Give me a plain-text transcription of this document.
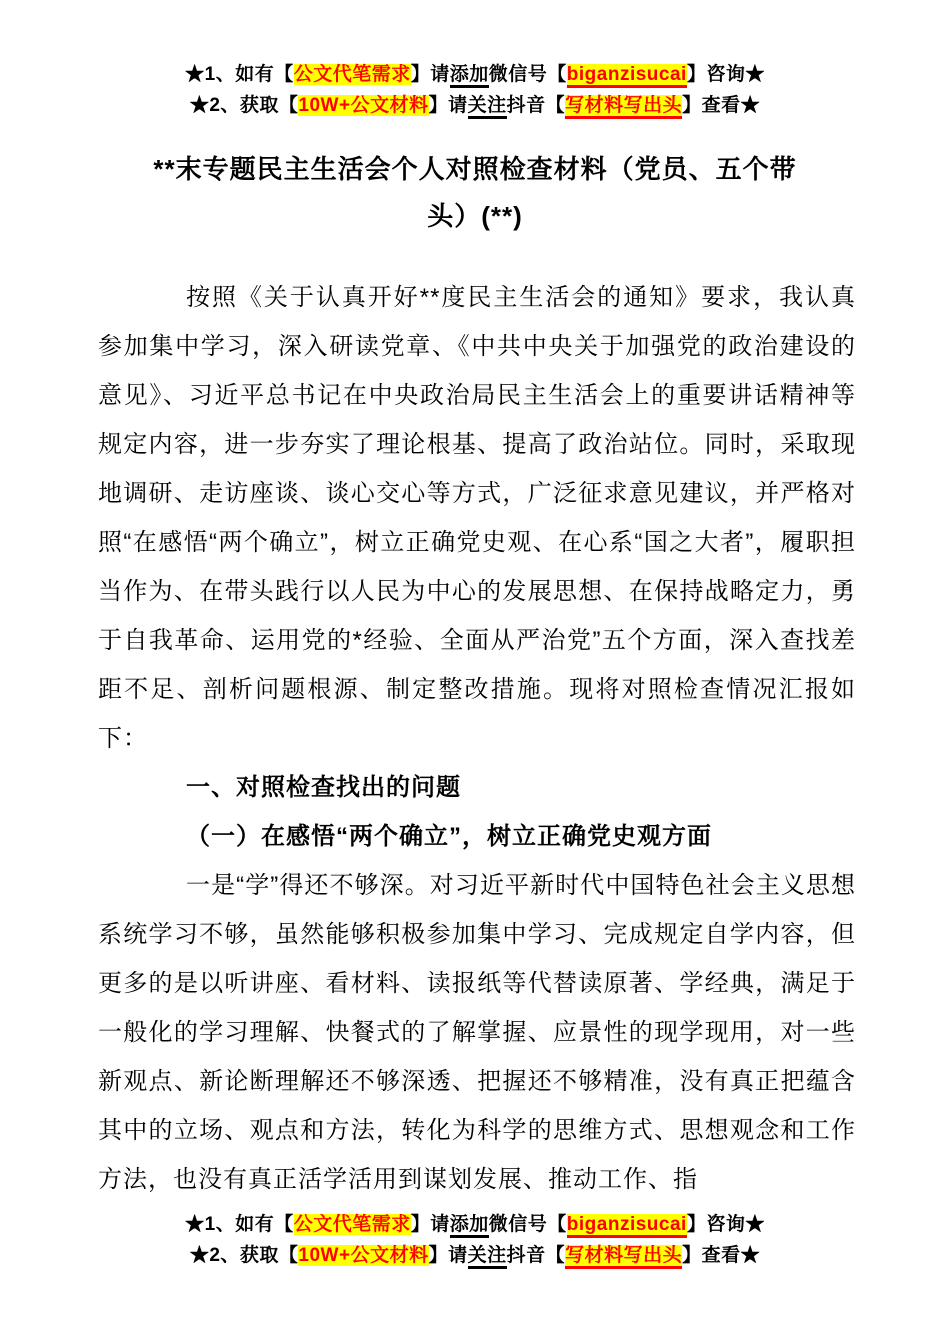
★1、如有【公文代笔需求】请添加微信号【biganzisucai】咨询★

★2、获取【10W+公文材料】请关注抖音【写材料写出头】查看★

**末专题民主生活会个人对照检查材料（党员、五个带头）(**)

按照《关于认真开好**度民主生活会的通知》要求，我认真参加集中学习，深入研读党章、《中共中央关于加强党的政治建设的意见》、习近平总书记在中央政治局民主生活会上的重要讲话精神等规定内容，进一步夯实了理论根基、提高了政治站位。同时，采取现地调研、走访座谈、谈心交心等方式，广泛征求意见建议，并严格对照“在感悟“两个确立”，树立正确党史观、在心系“国之大者”，履职担当作为、在带头践行以人民为中心的发展思想、在保持战略定力，勇于自我革命、运用党的*经验、全面从严治党”五个方面，深入查找差距不足、剖析问题根源、制定整改措施。现将对照检查情况汇报如下：

一、对照检查找出的问题

（一）在感悟“两个确立”，树立正确党史观方面

一是“学”得还不够深。对习近平新时代中国特色社会主义思想系统学习不够，虽然能够积极参加集中学习、完成规定自学内容，但更多的是以听讲座、看材料、读报纸等代替读原著、学经典，满足于一般化的学习理解、快餐式的了解掌握、应景性的现学现用，对一些新观点、新论断理解还不够深透、把握还不够精准，没有真正把蕴含其中的立场、观点和方法，转化为科学的思维方式、思想观念和工作方法，也没有真正活学活用到谋划发展、推动工作、指

★1、如有【公文代笔需求】请添加微信号【biganzisucai】咨询★

★2、获取【10W+公文材料】请关注抖音【写材料写出头】查看★
